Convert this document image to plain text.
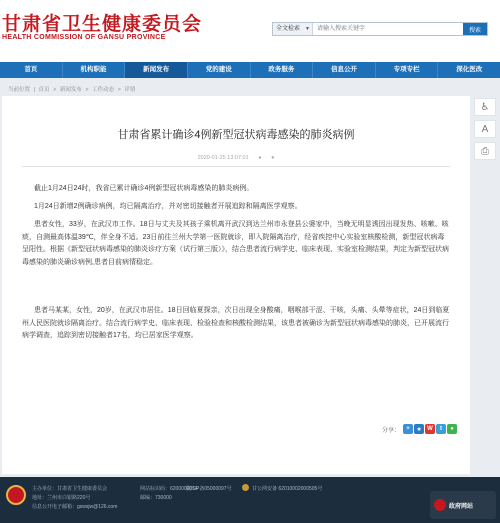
甘肃省卫生健康委员会
HEALTH COMMISSION OF GANSU PROVINCE
全文检索 ▼
请输入搜索关键字	搜索
首页	机构职能	新闻发布	党的建设	政务服务	信息公开	专项专栏	深化医改
当前位置 | 首页 > 新闻发布 > 工作动态 > 详情
♿
A
⎙
甘肃省累计确诊4例新型冠状病毒感染的肺炎病例
2020-01-25 13:07:01 ● ●
截止1月24日24时，我省已累计确诊4例新型冠状病毒感染的肺炎病例。
1月24日新增2例确诊病例，均已隔离治疗，并对密切接触者开展追踪和隔离医学观察。
患者女性，33岁，在武汉市工作。18日与丈夫及其孩子乘机离开武汉到达兰州市永登县公婆家中，当晚无明显诱因出现发热、咳嗽、咳痰，自测最高体温39℃，伴全身不适。23日前往兰州大学第一医院就诊，即入院隔离治疗，经省疾控中心实验室核酸检测，新型冠状病毒呈阳性。根据《新型冠状病毒感染的肺炎诊疗方案（试行第三版）》，结合患者流行病学史、临床表现、实验室检测结果，判定为新型冠状病毒感染的肺炎确诊病例,患者目前病情稳定。
患者马某某，女性，20岁，在武汉市居住。18日回临夏探亲，次日出现全身酸痛，咽喉部干涩、干咳，头痛、头晕等症状，24日到临夏州人民医院就诊隔离治疗。结合流行病学史、临床表现、检验检查和核酸检测结果，该患者被确诊为新型冠状病毒感染的肺炎，已开展流行病学调查，追踪到密切接触者17名，均已居家医学观察。
分享：	+	★ W	t	●
主办单位：甘肃省卫生健康委员会	网站标识码：6200000054
陇ICP备05000097号	甘公网安备 62010002000505号
地址：兰州市白银路220号	邮编：730000
信息公开电子邮箱：gswsjw@126.com	政府网站
